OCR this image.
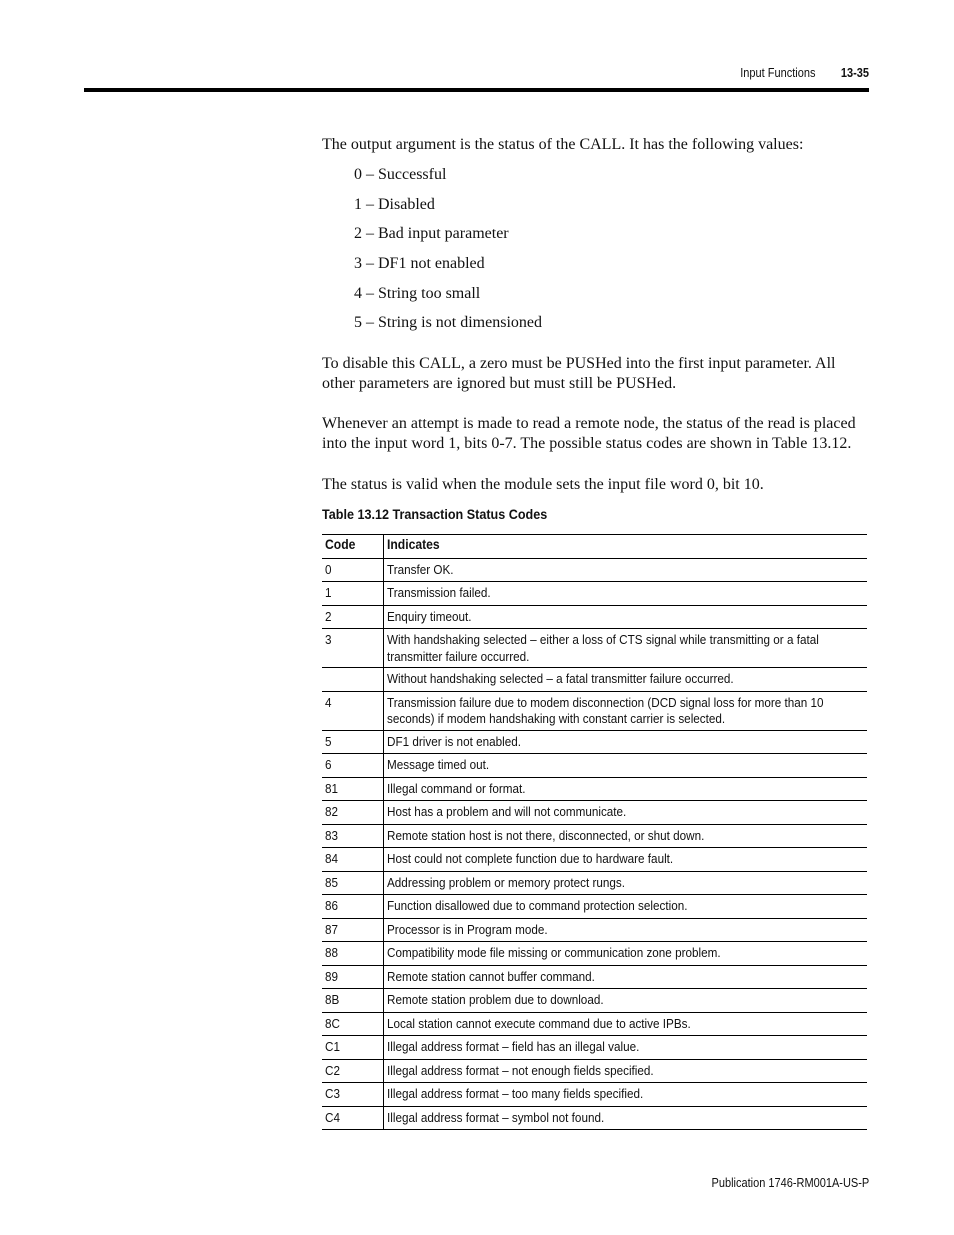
Input Functions 13-35
The output argument is the status of the CALL. It has the following values:
0 – Successful
1 – Disabled
2 – Bad input parameter
3 – DF1 not enabled
4 – String too small
5 – String is not dimensioned
To disable this CALL, a zero must be PUSHed into the first input parameter. All other parameters are ignored but must still be PUSHed.
Whenever an attempt is made to read a remote node, the status of the read is placed into the input word 1, bits 0-7. The possible status codes are shown in Table 13.12.
The status is valid when the module sets the input file word 0, bit 10.
Table 13.12 Transaction Status Codes
Code	Indicates
0	Transfer OK.
1	Transmission failed.
2	Enquiry timeout.
3	With handshaking selected – either a loss of CTS signal while transmitting or a fatal transmitter failure occurred.
	Without handshaking selected – a fatal transmitter failure occurred.
4	Transmission failure due to modem disconnection (DCD signal loss for more than 10 seconds) if modem handshaking with constant carrier is selected.
5	DF1 driver is not enabled.
6	Message timed out.
81	Illegal command or format.
82	Host has a problem and will not communicate.
83	Remote station host is not there, disconnected, or shut down.
84	Host could not complete function due to hardware fault.
85	Addressing problem or memory protect rungs.
86	Function disallowed due to command protection selection.
87	Processor is in Program mode.
88	Compatibility mode file missing or communication zone problem.
89	Remote station cannot buffer command.
8B	Remote station problem due to download.
8C	Local station cannot execute command due to active IPBs.
C1	Illegal address format – field has an illegal value.
C2	Illegal address format – not enough fields specified.
C3	Illegal address format – too many fields specified.
C4	Illegal address format – symbol not found.
Publication 1746-RM001A-US-P
